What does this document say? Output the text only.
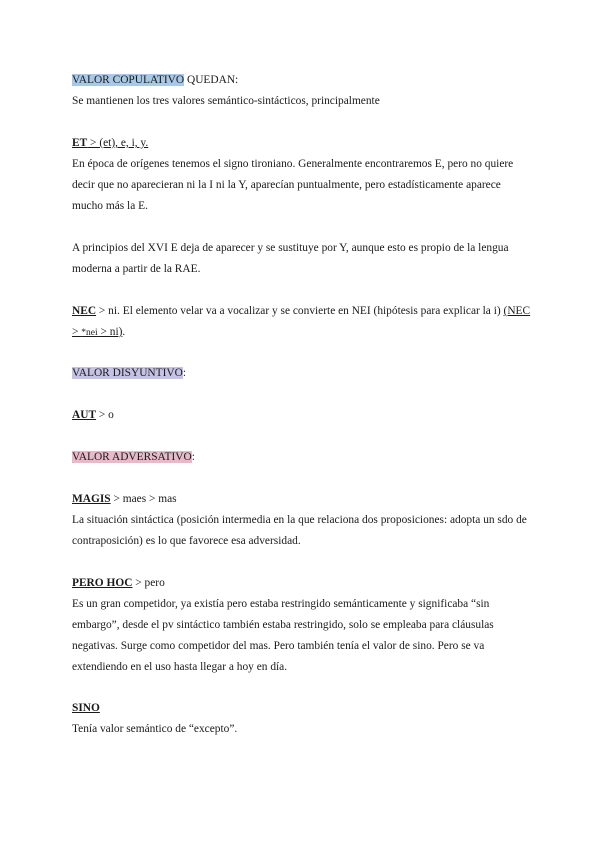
VALOR COPULATIVO QUEDAN:

Se mantienen los tres valores semántico-sintácticos, principalmente

ET > (et), e, i, y.

En época de orígenes tenemos el signo tironiano. Generalmente encontraremos E, pero no quiere decir que no aparecieran ni la I ni la Y, aparecían puntualmente, pero estadísticamente aparece mucho más la E.

A principios del XVI E deja de aparecer y se sustituye por Y, aunque esto es propio de la lengua moderna a partir de la RAE.

NEC > ni. El elemento velar va a vocalizar y se convierte en NEI (hipótesis para explicar la i) (NEC > *nei > ni).

VALOR DISYUNTIVO:

AUT > o

VALOR ADVERSATIVO:

MAGIS > maes > mas

La situación sintáctica (posición intermedia en la que relaciona dos proposiciones: adopta un sdo de contraposición) es lo que favorece esa adversidad.

PERO HOC > pero

Es un gran competidor, ya existía pero estaba restringido semánticamente y significaba “sin embargo”, desde el pv sintáctico también estaba restringido, solo se empleaba para cláusulas negativas. Surge como competidor del mas. Pero también tenía el valor de sino. Pero se va extendiendo en el uso hasta llegar a hoy en día.

SINO

Tenía valor semántico de “excepto”.
